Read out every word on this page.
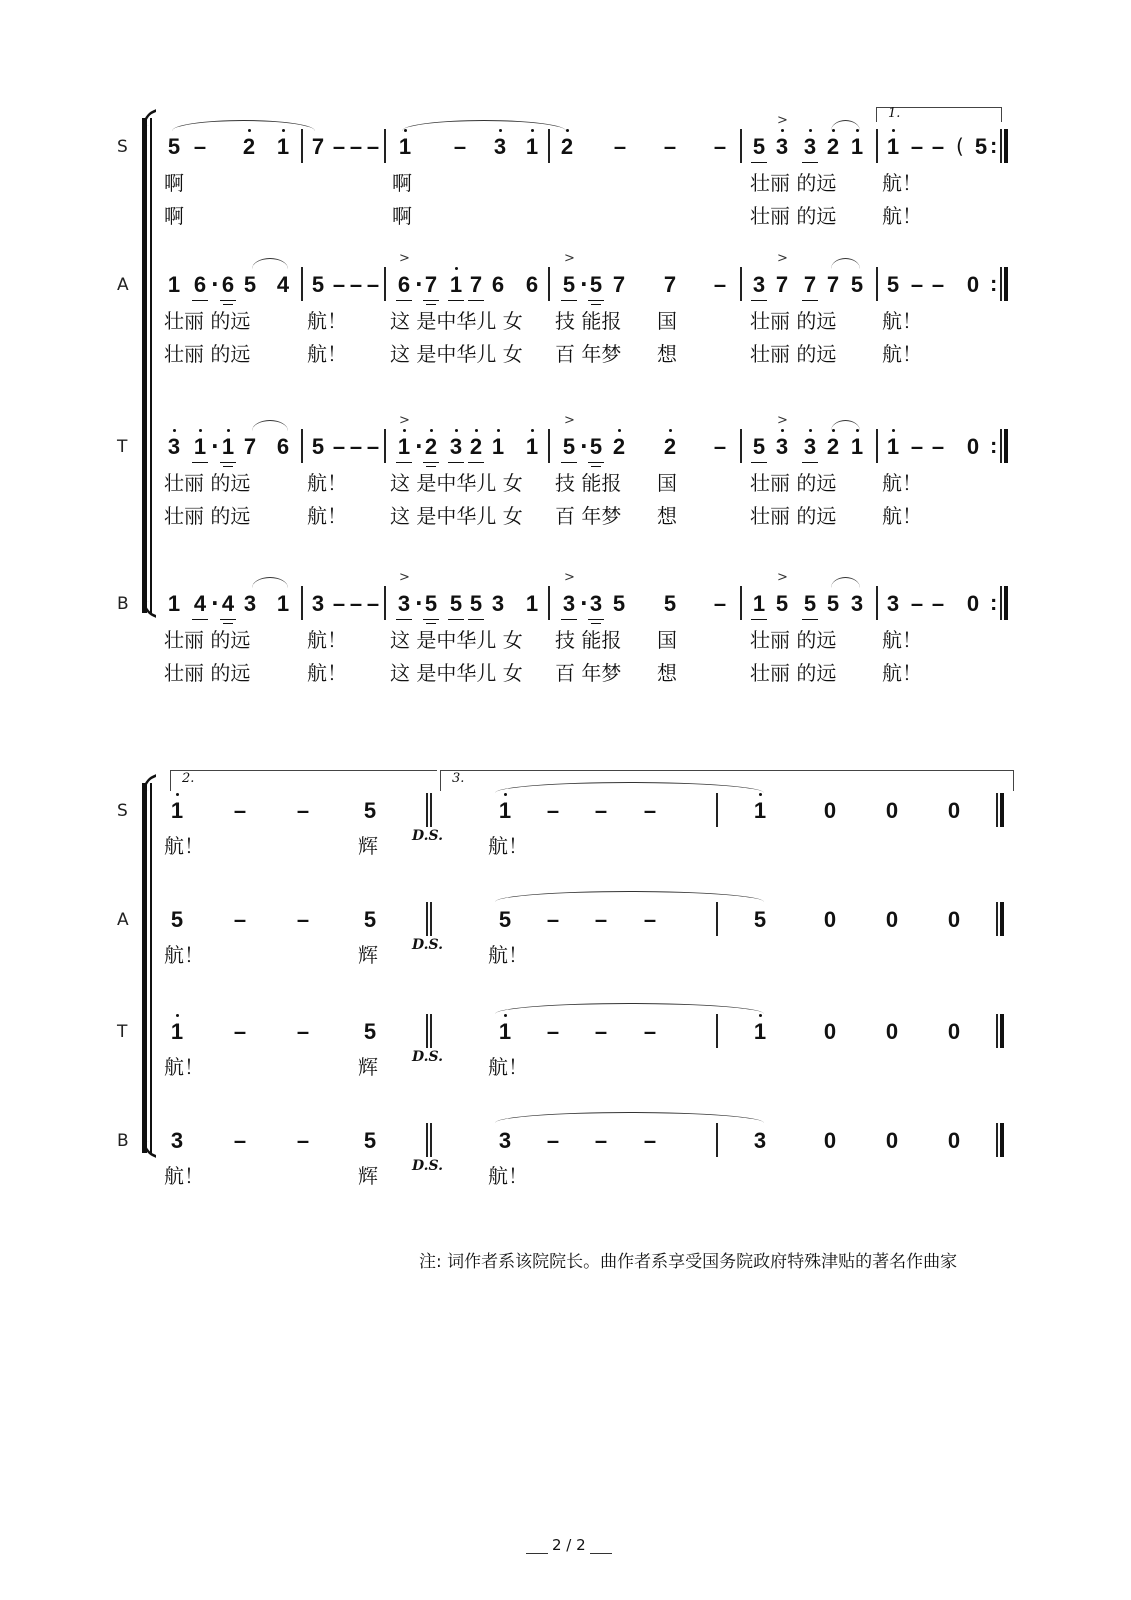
1.
S 5 – 2 1 7 – – – 1 – 3 1 2 – – – 5 3 3 2 1 1 – – ( 5 :
>
啊	啊	壮丽 的远 航！
啊	啊	壮丽 的远 航！
A 1 6 · 6 5 4 5 – – – 6 · 7 1 7 6 6 5 · 5 7 7 – 3 7 7 7 5 5 – – 0 :
>	>	>
壮丽 的远	航！ 这 是中华儿 女 技 能报 国	壮丽 的远 航！
壮丽 的远	航！ 这 是中华儿 女 百 年梦 想	壮丽 的远 航！
T 3 1 · 1 7 6 5 – – – 1 · 2 3 2 1 1 5 · 5 2 2 – 5 3 3 2 1 1 – – 0 :
>	>	>
壮丽 的远	航！ 这 是中华儿 女 技 能报 国	壮丽 的远 航！
壮丽 的远	航！ 这 是中华儿 女 百 年梦 想	壮丽 的远 航！
B 1 4 · 4 3 1 3 – – – 3 · 5 5 5 3 1 3 · 3 5 5 – 1 5 5 5 3 3 – – 0 :
>	>	>
壮丽 的远	航！ 这 是中华儿 女 技 能报 国	壮丽 的远 航！
壮丽 的远	航！ 这 是中华儿 女 百 年梦 想	壮丽 的远 航！
2.	3.
S 1 – – 5	1 – – –	1	0 0 0
D.S.
航！	辉	航！
A 5 – – 5	5 – – –	5	0 0 0
D.S.
航！	辉	航！
T 1 – – 5	1 – – –	1	0 0 0
D.S.
航！	辉	航！
B 3 – – 5	3 – – –	3	0 0 0
D.S.
航！	辉	航！
注: 词作者系该院院长。曲作者系享受国务院政府特殊津贴的著名作曲家
2 / 2
